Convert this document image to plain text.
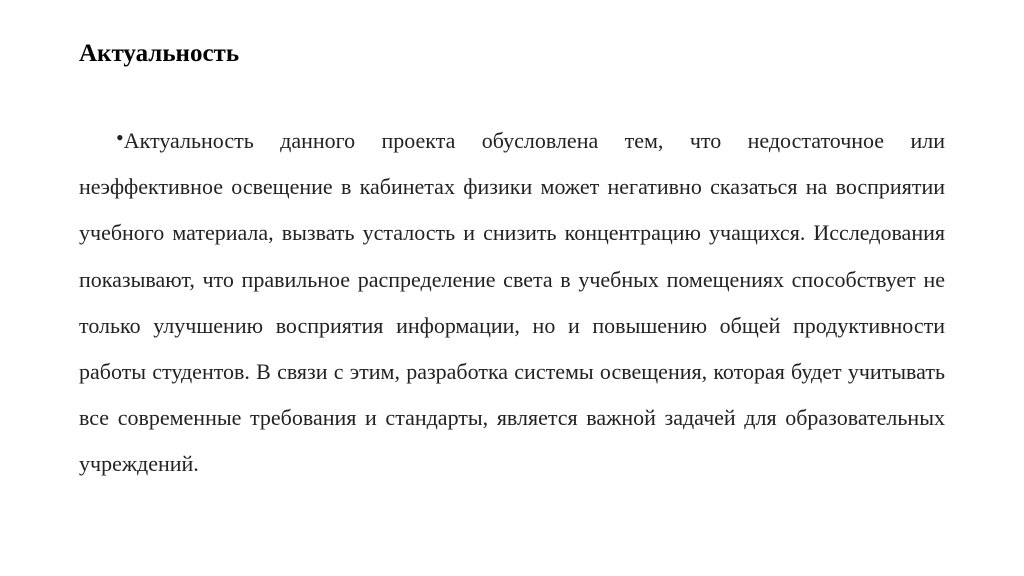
Актуальность

•Актуальность данного проекта обусловлена тем, что недостаточное или неэффективное освещение в кабинетах физики может негативно сказаться на восприятии учебного материала, вызвать усталость и снизить концентрацию учащихся. Исследования показывают, что правильное распределение света в учебных помещениях способствует не только улучшению восприятия информации, но и повышению общей продуктивности работы студентов. В связи с этим, разработка системы освещения, которая будет учитывать все современные требования и стандарты, является важной задачей для образовательных учреждений.
